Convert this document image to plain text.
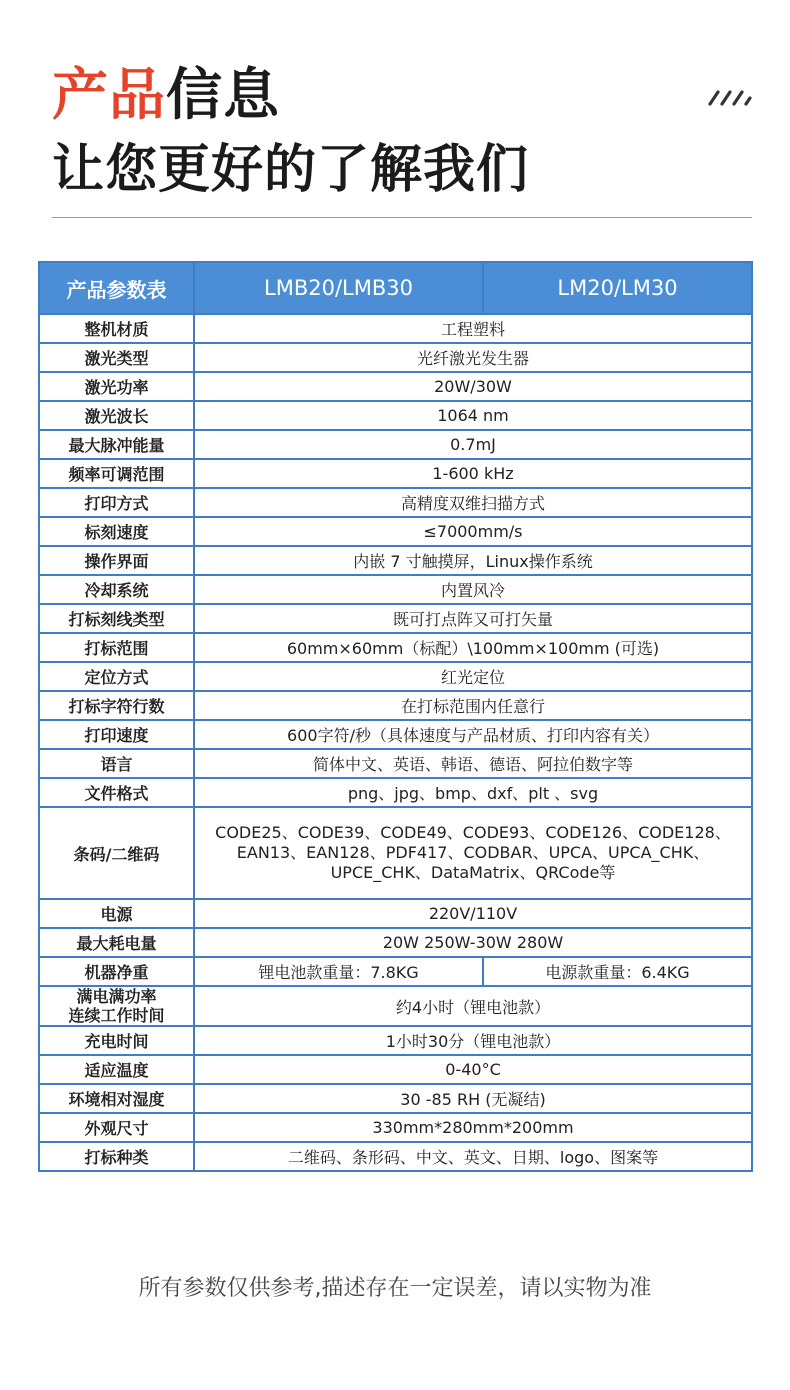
产品信息
让您更好的了解我们
产品参数表	LMB20/LMB30	LM20/LM30
整机材质	工程塑料	
激光类型	光纤激光发生器	
激光功率	20W/30W	
激光波长	1064 nm	
最大脉冲能量	0.7mJ	
频率可调范围	1-600 kHz	
打印方式	高精度双维扫描方式	
标刻速度	≤7000mm/s	
操作界面	内嵌 7 寸触摸屏，Linux操作系统	
冷却系统	内置风冷	
打标刻线类型	既可打点阵又可打矢量	
打标范围	60mm×60mm（标配）\100mm×100mm (可选)	
定位方式	红光定位	
打标字符行数	在打标范围内任意行	
打印速度	600字符/秒（具体速度与产品材质、打印内容有关）	
语言	简体中文、英语、韩语、德语、阿拉伯数字等	
文件格式	png、jpg、bmp、dxf、plt 、svg	
条码/二维码	CODE25、CODE39、CODE49、CODE93、CODE126、CODE128、
EAN13、EAN128、PDF417、CODBAR、UPCA、UPCA_CHK、
UPCE_CHK、DataMatrix、QRCode等	

电源	220V/110V	
最大耗电量	20W 250W-30W 280W	
机器净重	锂电池款重量：7.8KG	电源款重量：6.4KG

满电满功率
连续工作时间	约4小时（锂电池款）	
充电时间	1小时30分（锂电池款）	
适应温度	0-40°C	
环境相对湿度	30 -85 RH (无凝结)	
外观尺寸	330mm*280mm*200mm	
打标种类	二维码、条形码、中文、英文、日期、logo、图案等	
所有参数仅供参考,描述存在一定误差，请以实物为准
